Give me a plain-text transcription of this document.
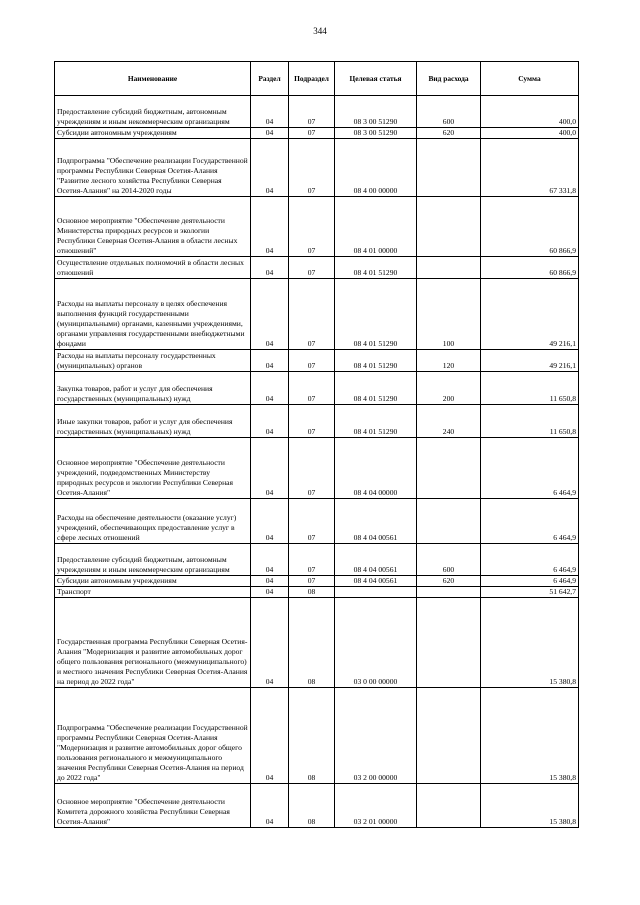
344
Наименование	Раздел	Подраздел	Целевая статья	Вид расхода	Сумма
Предоставление субсидий бюджетным, автономным учреждениям и иным некоммерческим организациям	04	07	08 3 00 51290	600	400,0
Субсидии автономным учреждениям	04	07	08 3 00 51290	620	400,0
Подпрограмма "Обеспечение реализации Государственной программы Республики Северная Осетия-Алания "Развитие лесного хозяйства Республики Северная Осетия-Алания" на 2014-2020 годы	04	07	08 4 00 00000		67 331,8
Основное мероприятие "Обеспечение деятельности Министерства природных ресурсов и экологии Республики Северная Осетия-Алания в области лесных отношений"	04	07	08 4 01 00000		60 866,9
Осуществление отдельных полномочий в области лесных отношений	04	07	08 4 01 51290		60 866,9
Расходы на выплаты персоналу в целях обеспечения выполнения функций государственными (муниципальными) органами, казенными учреждениями, органами управления государственными внебюджетными фондами	04	07	08 4 01 51290	100	49 216,1
Расходы на выплаты персоналу государственных (муниципальных) органов	04	07	08 4 01 51290	120	49 216,1
Закупка товаров, работ и услуг для обеспечения государственных (муниципальных) нужд	04	07	08 4 01 51290	200	11 650,8
Иные закупки товаров, работ и услуг для обеспечения государственных (муниципальных) нужд	04	07	08 4 01 51290	240	11 650,8
Основное мероприятие "Обеспечение деятельности учреждений, подведомственных Министерству природных ресурсов и экологии Республики Северная Осетия-Алания"	04	07	08 4 04 00000		6 464,9
Расходы на обеспечение деятельности (оказание услуг) учреждений, обеспечивающих предоставление услуг в сфере лесных отношений	04	07	08 4 04 00561		6 464,9
Предоставление субсидий бюджетным, автономным учреждениям и иным некоммерческим организациям	04	07	08 4 04 00561	600	6 464,9
Субсидии автономным учреждениям	04	07	08 4 04 00561	620	6 464,9
Транспорт	04	08			51 642,7
Государственная программа Республики Северная Осетия-Алания "Модернизация и развитие автомобильных дорог общего пользования регионального (межмуниципального) и местного значения Республики Северная Осетия-Алания на период до 2022 года"	04	08	03 0 00 00000		15 380,8
Подпрограмма "Обеспечение реализации Государственной программы Республики Северная Осетия-Алания "Модернизация и развитие автомобильных дорог общего пользования регионального и межмуниципального значения Республики Северная Осетия-Алания на период до 2022 года"	04	08	03 2 00 00000		15 380,8
Основное мероприятие "Обеспечение деятельности Комитета дорожного хозяйства Республики Северная Осетия-Алания"	04	08	03 2 01 00000		15 380,8
